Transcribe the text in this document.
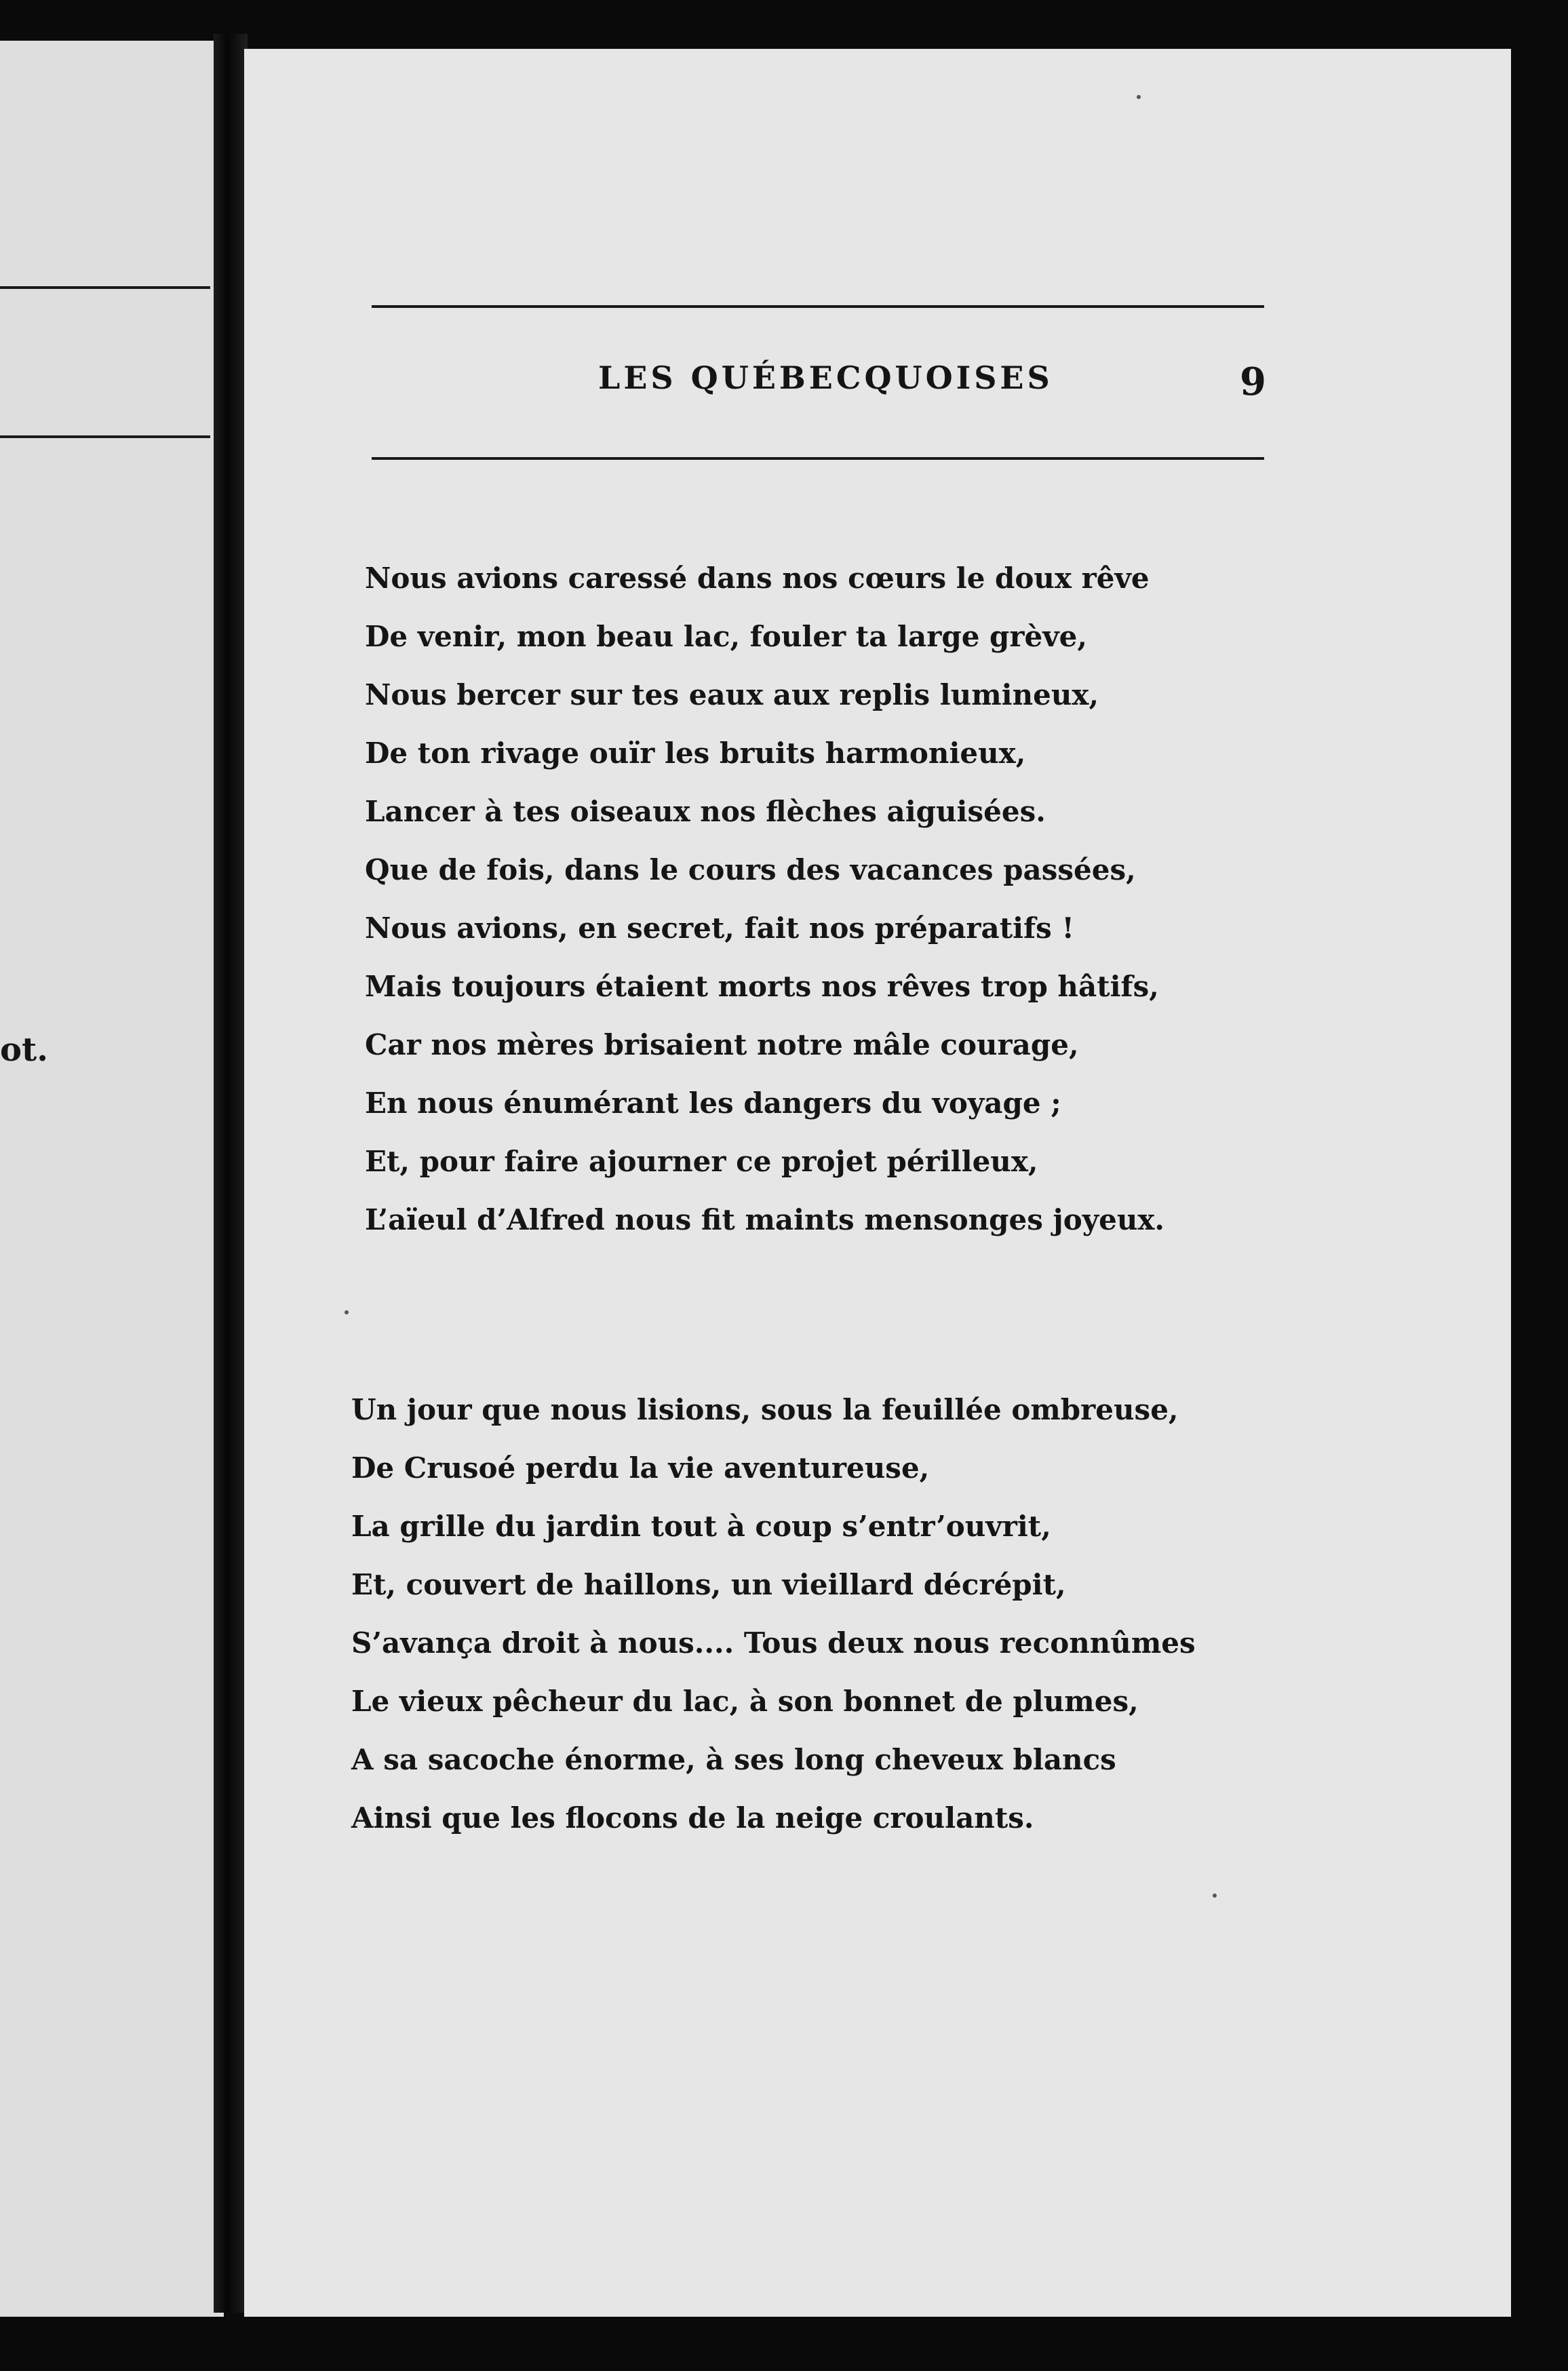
ot.
LES QUÉBECQUOISES	9
Nous avions caressé dans nos cœurs le doux rêve
De venir, mon beau lac, fouler ta large grève,
Nous bercer sur tes eaux aux replis lumineux,
De ton rivage ouïr les bruits harmonieux,
Lancer à tes oiseaux nos flèches aiguisées.
Que de fois, dans le cours des vacances passées,
Nous avions, en secret, fait nos préparatifs !
Mais toujours étaient morts nos rêves trop hâtifs,
Car nos mères brisaient notre mâle courage,
En nous énumérant les dangers du voyage ;
Et, pour faire ajourner ce projet périlleux,
L’aïeul d’Alfred nous fit maints mensonges joyeux.
Un jour que nous lisions, sous la feuillée ombreuse,
De Crusoé perdu la vie aventureuse,
La grille du jardin tout à coup s’entr’ouvrit,
Et, couvert de haillons, un vieillard décrépit,
S’avança droit à nous.... Tous deux nous reconnûmes
Le vieux pêcheur du lac, à son bonnet de plumes,
A sa sacoche énorme, à ses long cheveux blancs
Ainsi que les flocons de la neige croulants.
